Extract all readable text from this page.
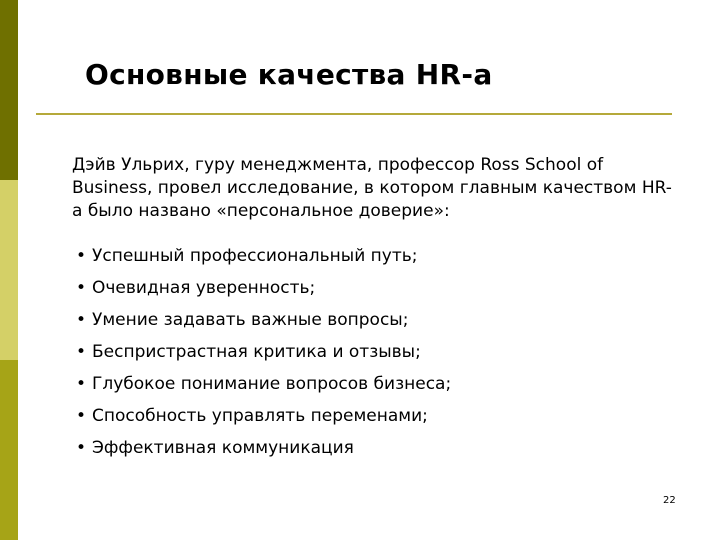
Основные качества HR-а
Дэйв Ульрих, гуру менеджмента, профессор Ross School of Business, провел исследование, в котором главным качеством HR-а было названо «персональное доверие»:
• Успешный профессиональный путь;
• Очевидная уверенность;
• Умение задавать важные вопросы;
• Беспристрастная критика и отзывы;
• Глубокое понимание вопросов бизнеса;
• Способность управлять переменами;
• Эффективная коммуникация
22
